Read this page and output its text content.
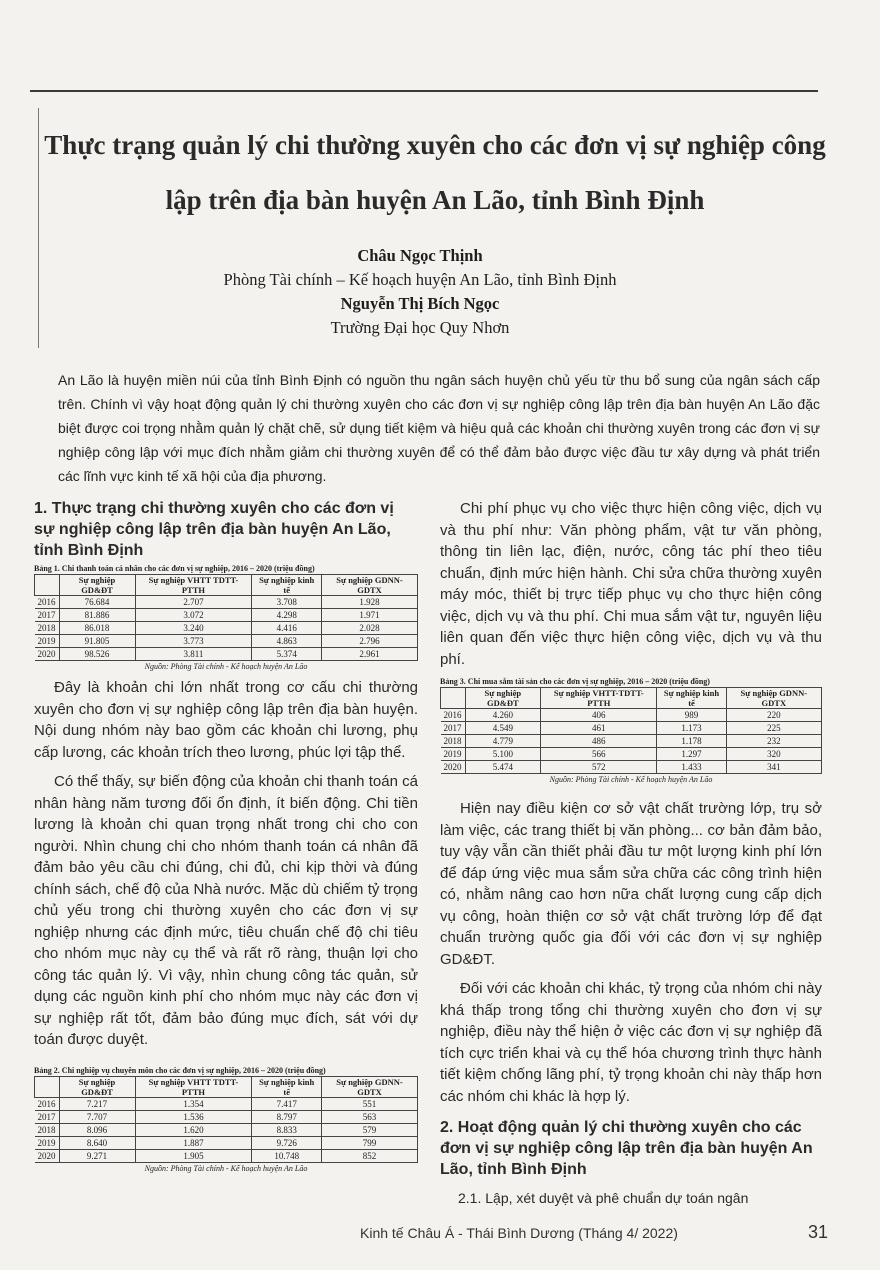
Thực trạng quản lý chi thường xuyên cho các đơn vị sự nghiệp công lập trên địa bàn huyện An Lão, tỉnh Bình Định
Châu Ngọc Thịnh
Phòng Tài chính – Kế hoạch huyện An Lão, tỉnh Bình Định
Nguyễn Thị Bích Ngọc
Trường Đại học Quy Nhơn

An Lão là huyện miền núi của tỉnh Bình Định có nguồn thu ngân sách huyện chủ yếu từ thu bổ sung của ngân sách cấp trên. Chính vì vậy hoạt động quản lý chi thường xuyên cho các đơn vị sự nghiệp công lập trên địa bàn huyện An Lão đặc biệt được coi trọng nhằm quản lý chặt chẽ, sử dụng tiết kiệm và hiệu quả các khoản chi thường xuyên trong các đơn vị sự nghiệp công lập với mục đích nhằm giảm chi thường xuyên để có thể đảm bảo được việc đầu tư xây dựng và phát triển các lĩnh vực kinh tế xã hội của địa phương.

1. Thực trạng chi thường xuyên cho các đơn vị sự nghiệp công lập trên địa bàn huyện An Lão, tỉnh Bình Định
Bảng 1. Chi thanh toán cá nhân cho các đơn vị sự nghiệp, 2016 – 2020 (triệu đồng)
	Sự nghiệp GD&ĐT	Sự nghiệp VHTT TDTT-PTTH	Sự nghiệp kinh tế	Sự nghiệp GDNN-GDTX
2016	76.684	2.707	3.708	1.928
2017	81.886	3.072	4.298	1.971
2018	86.018	3.240	4.416	2.028
2019	91.805	3.773	4.863	2.796
2020	98.526	3.811	5.374	2.961

Nguồn: Phòng Tài chính - Kế hoạch huyện An Lão

Đây là khoản chi lớn nhất trong cơ cấu chi thường xuyên cho đơn vị sự nghiệp công lập trên địa bàn huyện. Nội dung nhóm này bao gồm các khoản chi lương, phụ cấp lương, các khoản trích theo lương, phúc lợi tập thể.

Có thể thấy, sự biến động của khoản chi thanh toán cá nhân hàng năm tương đối ổn định, ít biến động. Chi tiền lương là khoản chi quan trọng nhất trong chi cho con người. Nhìn chung chi cho nhóm thanh toán cá nhân đã đảm bảo yêu cầu chi đúng, chi đủ, chi kịp thời và đúng chính sách, chế độ của Nhà nước. Mặc dù chiếm tỷ trọng chủ yếu trong chi thường xuyên cho các đơn vị sự nghiệp nhưng các định mức, tiêu chuẩn chế độ chi tiêu cho nhóm mục này cụ thể và rất rõ ràng, thuận lợi cho công tác quản lý. Vì vậy, nhìn chung công tác quản, sử dụng các nguồn kinh phí cho nhóm mục này các đơn vị sự nghiệp rất tốt, đảm bảo đúng mục đích, sát với dự toán được duyệt.

Bảng 2. Chi nghiệp vụ chuyên môn cho các đơn vị sự nghiệp, 2016 – 2020 (triệu đồng)
	Sự nghiệp GD&ĐT	Sự nghiệp VHTT TDTT-PTTH	Sự nghiệp kinh tế	Sự nghiệp GDNN-GDTX
2016	7.217	1.354	7.417	551
2017	7.707	1.536	8.797	563
2018	8.096	1.620	8.833	579
2019	8.640	1.887	9.726	799
2020	9.271	1.905	10.748	852

Nguồn: Phòng Tài chính - Kế hoạch huyện An Lão

Chi phí phục vụ cho việc thực hiện công việc, dịch vụ và thu phí như: Văn phòng phẩm, vật tư văn phòng, thông tin liên lạc, điện, nước, công tác phí theo tiêu chuẩn, định mức hiện hành. Chi sửa chữa thường xuyên máy móc, thiết bị trực tiếp phục vụ cho thực hiện công việc, dịch vụ và thu phí. Chi mua sắm vật tư, nguyên liệu liên quan đến việc thực hiện công việc, dịch vụ và thu phí.

Bảng 3. Chi mua sắm tài sản cho các đơn vị sự nghiệp, 2016 – 2020 (triệu đồng)
	Sự nghiệp GD&ĐT	Sự nghiệp VHTT-TDTT-PTTH	Sự nghiệp kinh tế	Sự nghiệp GDNN-GDTX
2016	4.260	406	989	220
2017	4.549	461	1.173	225
2018	4.779	486	1.178	232
2019	5.100	566	1.297	320
2020	5.474	572	1.433	341

Nguồn: Phòng Tài chính - Kế hoạch huyện An Lão

Hiện nay điều kiện cơ sở vật chất trường lớp, trụ sở làm việc, các trang thiết bị văn phòng... cơ bản đảm bảo, tuy vậy vẫn cần thiết phải đầu tư một lượng kinh phí lớn để đáp ứng việc mua sắm sửa chữa các công trình hiện có, nhằm nâng cao hơn nữa chất lượng cung cấp dịch vụ công, hoàn thiện cơ sở vật chất trường lớp để đạt chuẩn trường quốc gia đối với các đơn vị sự nghiệp GD&ĐT.

Đối với các khoản chi khác, tỷ trọng của nhóm chi này khá thấp trong tổng chi thường xuyên cho đơn vị sự nghiệp, điều này thể hiện ở việc các đơn vị sự nghiệp đã tích cực triển khai và cụ thể hóa chương trình thực hành tiết kiệm chống lãng phí, tỷ trọng khoản chi này thấp hơn các nhóm chi khác là hợp lý.

2. Hoạt động quản lý chi thường xuyên cho các đơn vị sự nghiệp công lập trên địa bàn huyện An Lão, tỉnh Bình Định

2.1. Lập, xét duyệt và phê chuẩn dự toán ngân

Kinh tế Châu Á - Thái Bình Dương (Tháng 4/ 2022)	31
